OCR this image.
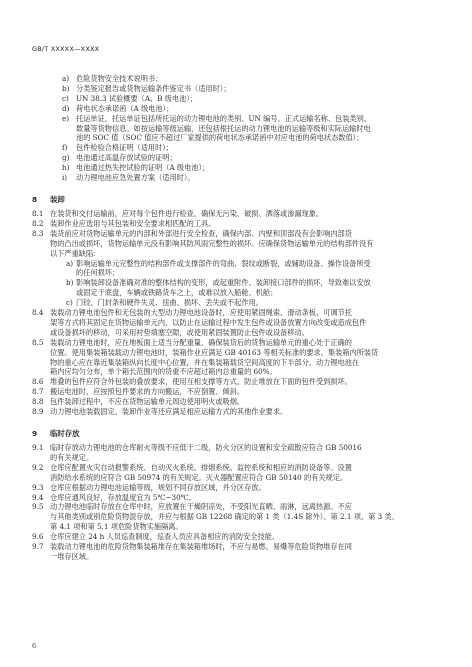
GB/T XXXXX—XXXX
a) 危险货物安全技术说明书；
b) 分类鉴定报告或货物运输条件鉴定书（适用时）；
c) UN 38.3 试验概要（A、B 级电池）；
d) 荷电状态承诺函（A 级电池）；
e) 托运单证，托运单证包括所托运的动力锂电池的类别、UN 编号、正式运输名称、包装类别、
数量等货物信息。如按运输等级运输，还包括根托运的动力锂电池的运输等级和实际运输时电
池的 SOC 值（SOC 值应不超过厂家提供的荷电状态承诺函中对应电池的荷电状态数值）；
f) 包件检验合格证明（适用时）；
g) 电池通过高温存放试验的证明；
h) 电池通过热失控试验的证明（A 级电池）；
i) 动力锂电池应急处置方案（适用时）。
8 装卸
8.1 在装货和交付运输前，应对每个包件进行检查，确保无污染、破损、洒落或渗漏现象。
8.2 装卸作业应选用与其包装和安全要求相匹配的工具。
8.3 装货前应对货物运输单元的内部和外部进行安全检查，确保内部、内壁和顶部没有会影响内部货
物的凸出或损坏，货物运输单元没有影响其防风雨完整性的损坏。应确保货物运输单元的结构部件没有
以下严重缺陷：
a) 影响运输单元完整性的结构部件或支撑部件的弯曲、裂纹或断裂，或辅助设备、操作设备所受
的任何损坏；
b) 影响装卸设备准确对准的整体结构的变形，或起重附件、装卸接口部件的损坏，导致难以安放
或固定于底盘，车辆或铁路货车之上，或难以放入船舱、机舱；
c) 门铰、门封条和硬件失灵、扭曲、损坏、丢失或不起作用。
8.4 装载动力锂电池包件和无包装的大型动力锂电池设备时，应使用紧固绳索、滑动条板、可调节托
架等方式将其固定在货物运输单元内，以防止在运输过程中发生包件或设备放置方向改变或造成包件
或设备损坏的移动，可采用衬垫填塞空隙，或使用紧固装置防止包件或设备移动。
8.5 装载动力锂电池时，应在地板面上适当分配重量，确保装货后的货物运输单元的重心处于正确的
位置。使用集装箱装载动力锂电池时，装箱作业应满足 GB 40163 等相关标准的要求。集装箱内所装货
物的重心应在靠近集装箱纵向长度中心位置，并在集装箱载货空间高度的下半部分。动力锂电池在
箱内应均匀分布，单个箱长范围内的货重不应超过箱内总重量的 60%。
8.6 堆叠的包件应符合外包装的叠放要求，使用互相支撑等方式，防止堆放在下面的包件受到损坏。
8.7 搬运电池时，应按照包件要求的方向搬运，不应倒置、倾斜。
8.8 包件装卸过程中，不应在货物运输单元周边使用明火或吸烟。
8.9 动力锂电池装载固定、装卸作业等还应满足相应运输方式的其他作业要求。
9 临时存放
9.1 临时存放动力锂电池的仓库耐火等级不应低于二级，防火分区的设置和安全疏散应符合 GB 50016
的有关规定。
9.2 仓库应配置火灾自动报警系统、自动灭火系统、排烟系统、监控系统和相应的消防设备等。设置
消防给水系统的应符合 GB 50974 的有关规定。灭火器配置应符合 GB 50140 的有关规定。
9.3 仓库应根据动力锂电池运输等级，规划不同存放区域，并分区存放。
9.4 仓库应通风良好，存放温度宜为 5℃~30℃。
9.5 动力锂电池临时存放在仓库中时，应放置在干燥阴凉处，不受阳光直晒、雨淋，远离热源。不应
与其他类别或别危险货物混存放，并应与根据 GB 12268 确定的第 1 类（1.4S 除外）、第 2.1 项、第 3 类、
第 4.1 项和第 5.1 项危险货物实施隔离。
9.6 仓库应建立 24 h 人员巡查制度，巡查人员应具备相应的消防安全技能。
9.7 装载动力锂电池的危险货物集装箱堆存在集装箱堆场时，不应与易燃、易爆等危险货物堆存在同
一堆存区域。
6
